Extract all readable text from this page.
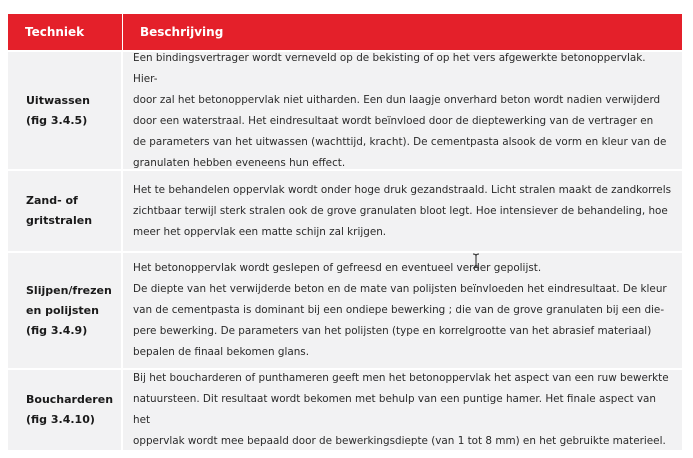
Techniek	Beschrijving
Uitwassen
(fig 3.4.5)
Een bindingsvertrager wordt verneveld op de bekisting of op het vers afgewerkte betonoppervlak. Hier-
door zal het betonoppervlak niet uitharden. Een dun laagje onverhard beton wordt nadien verwijderd
door een waterstraal. Het eindresultaat wordt beïnvloed door de dieptewerking van de vertrager en
de parameters van het uitwassen (wachttijd, kracht). De cementpasta alsook de vorm en kleur van de
granulaten hebben eveneens hun effect.
Zand- of
gritstralen
Het te behandelen oppervlak wordt onder hoge druk gezandstraald. Licht stralen maakt de zandkorrels
zichtbaar terwijl sterk stralen ook de grove granulaten bloot legt. Hoe intensiever de behandeling, hoe
meer het oppervlak een matte schijn zal krijgen.
Slijpen/frezen
en polijsten
(fig 3.4.9)
Het betonoppervlak wordt geslepen of gefreesd en eventueel verder gepolijst.
De diepte van het verwijderde beton en de mate van polijsten beïnvloeden het eindresultaat. De kleur
van de cementpasta is dominant bij een ondiepe bewerking ; die van de grove granulaten bij een die-
pere bewerking. De parameters van het polijsten (type en korrelgrootte van het abrasief materiaal)
bepalen de finaal bekomen glans.
Boucharderen
(fig 3.4.10)
Bij het boucharderen of punthameren geeft men het betonoppervlak het aspect van een ruw bewerkte
natuursteen. Dit resultaat wordt bekomen met behulp van een puntige hamer. Het finale aspect van het
oppervlak wordt mee bepaald door de bewerkingsdiepte (van 1 tot 8 mm) en het gebruikte materieel.
